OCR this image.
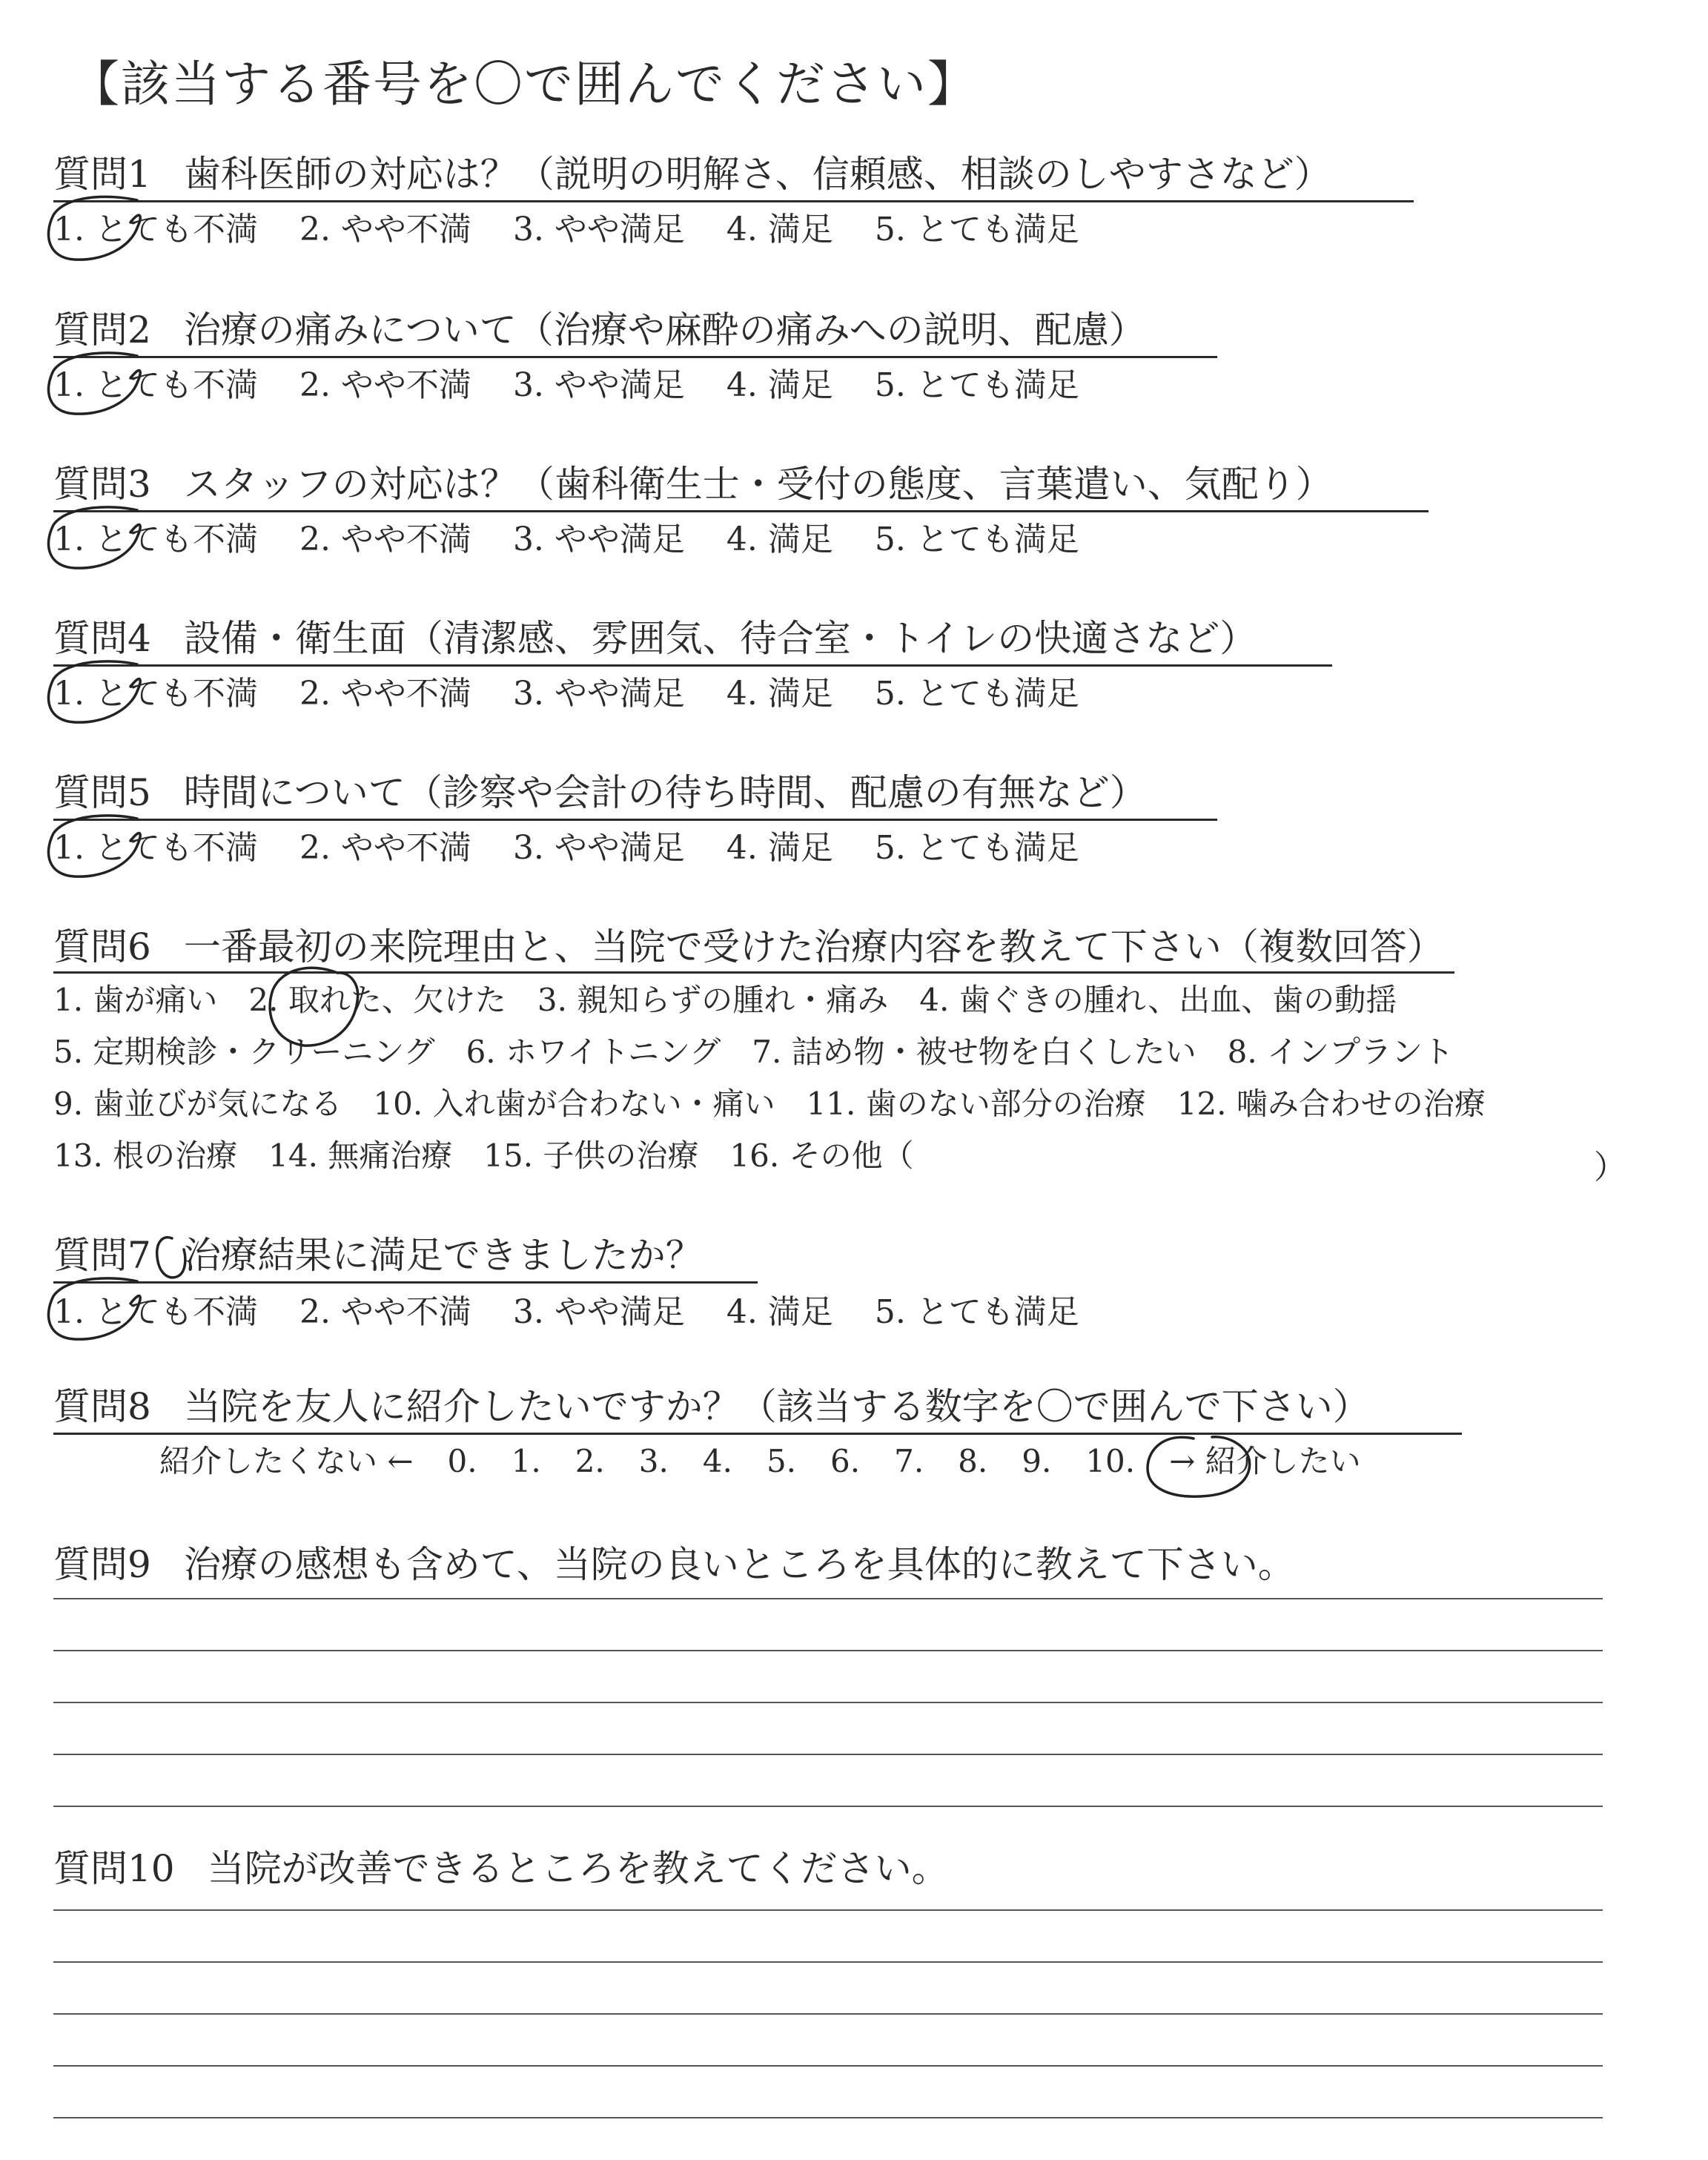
【該当する番号を〇で囲んでください】
質問1 歯科医師の対応は？（説明の明解さ、信頼感、相談のしやすさなど）
1. とても不満 2. やや不満 3. やや満足 4. 満足 5. とても満足
質問2 治療の痛みについて（治療や麻酔の痛みへの説明、配慮）
1. とても不満 2. やや不満 3. やや満足 4. 満足 5. とても満足
質問3 スタッフの対応は？（歯科衛生士・受付の態度、言葉遣い、気配り）
1. とても不満 2. やや不満 3. やや満足 4. 満足 5. とても満足
質問4 設備・衛生面（清潔感、雰囲気、待合室・トイレの快適さなど）
1. とても不満 2. やや不満 3. やや満足 4. 満足 5. とても満足
質問5 時間について（診察や会計の待ち時間、配慮の有無など）
1. とても不満 2. やや不満 3. やや満足 4. 満足 5. とても満足
質問6 一番最初の来院理由と、当院で受けた治療内容を教えて下さい（複数回答）
1. 歯が痛い　2. 取れた、欠けた　3. 親知らずの腫れ・痛み　4. 歯ぐきの腫れ、出血、歯の動揺
5. 定期検診・クリーニング　6. ホワイトニング　7. 詰め物・被せ物を白くしたい　8. インプラント
9. 歯並びが気になる　10. 入れ歯が合わない・痛い　11. 歯のない部分の治療　12. 噛み合わせの治療
13. 根の治療　14. 無痛治療　15. 子供の治療　16. その他（	）
質問7 治療結果に満足できましたか？
1. とても不満 2. やや不満 3. やや満足 4. 満足 5. とても満足
質問8 当院を友人に紹介したいですか？（該当する数字を〇で囲んで下さい）
紹介したくない ← 0. 1. 2. 3. 4. 5. 6. 7. 8. 9. 10. → 紹介したい
質問9 治療の感想も含めて、当院の良いところを具体的に教えて下さい。
質問10 当院が改善できるところを教えてください。
